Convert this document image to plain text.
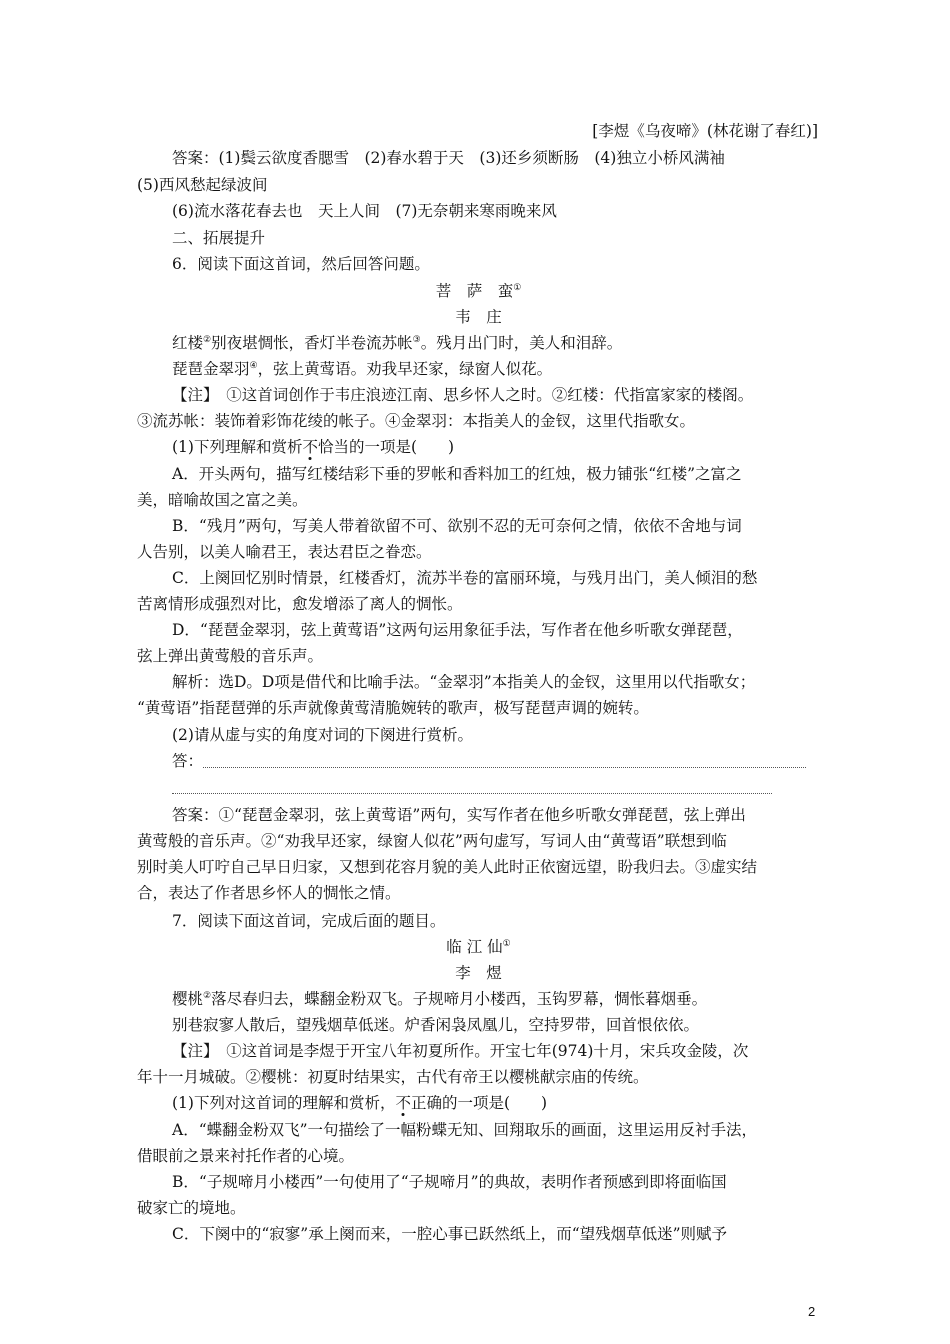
[李煜《乌夜啼》(林花谢了春红)]
答案：(1)鬓云欲度香腮雪　(2)春水碧于天　(3)还乡须断肠　(4)独立小桥风满袖
(5)西风愁起绿波间
(6)流水落花春去也　天上人间　(7)无奈朝来寒雨晚来风
二、拓展提升
6．阅读下面这首词，然后回答问题。
菩　萨　蛮①
韦　庄
红楼②别夜堪惆怅，香灯半卷流苏帐③。残月出门时，美人和泪辞。
琵琶金翠羽④，弦上黄莺语。劝我早还家，绿窗人似花。
【注】　①这首词创作于韦庄浪迹江南、思乡怀人之时。②红楼：代指富家家的楼阁。
③流苏帐：装饰着彩饰花绫的帐子。④金翠羽：本指美人的金钗，这里代指歌女。
(1)下列理解和赏析不恰当的一项是(　　)
A．开头两句，描写红楼结彩下垂的罗帐和香料加工的红烛，极力铺张“红楼”之富之
美，暗喻故国之富之美。
B．“残月”两句，写美人带着欲留不可、欲别不忍的无可奈何之情，依依不舍地与词
人告别，以美人喻君王，表达君臣之眷恋。
C．上阕回忆别时情景，红楼香灯，流苏半卷的富丽环境，与残月出门，美人倾泪的愁
苦离情形成强烈对比，愈发增添了离人的惆怅。
D．“琵琶金翠羽，弦上黄莺语”这两句运用象征手法，写作者在他乡听歌女弹琵琶，
弦上弹出黄莺般的音乐声。
解析：选D。D项是借代和比喻手法。“金翠羽”本指美人的金钗，这里用以代指歌女；
“黄莺语”指琵琶弹的乐声就像黄莺清脆婉转的歌声，极写琵琶声调的婉转。
(2)请从虚与实的角度对词的下阕进行赏析。
答：
答案：①“琵琶金翠羽，弦上黄莺语”两句，实写作者在他乡听歌女弹琵琶，弦上弹出
黄莺般的音乐声。②“劝我早还家，绿窗人似花”两句虚写，写词人由“黄莺语”联想到临
别时美人叮咛自己早日归家，又想到花容月貌的美人此时正依窗远望，盼我归去。③虚实结
合，表达了作者思乡怀人的惆怅之情。
7．阅读下面这首词，完成后面的题目。
临 江 仙①
李　煜
樱桃②落尽春归去，蝶翻金粉双飞。子规啼月小楼西，玉钩罗幕，惆怅暮烟垂。
别巷寂寥人散后，望残烟草低迷。炉香闲袅凤凰儿，空持罗带，回首恨依依。
【注】　①这首词是李煜于开宝八年初夏所作。开宝七年(974)十月，宋兵攻金陵，次
年十一月城破。②樱桃：初夏时结果实，古代有帝王以樱桃献宗庙的传统。
(1)下列对这首词的理解和赏析，不正确的一项是(　　)
A．“蝶翻金粉双飞”一句描绘了一幅粉蝶无知、回翔取乐的画面，这里运用反衬手法，
借眼前之景来衬托作者的心境。
B．“子规啼月小楼西”一句使用了“子规啼月”的典故，表明作者预感到即将面临国
破家亡的境地。
C．下阕中的“寂寥”承上阕而来，一腔心事已跃然纸上，而“望残烟草低迷”则赋予
2
